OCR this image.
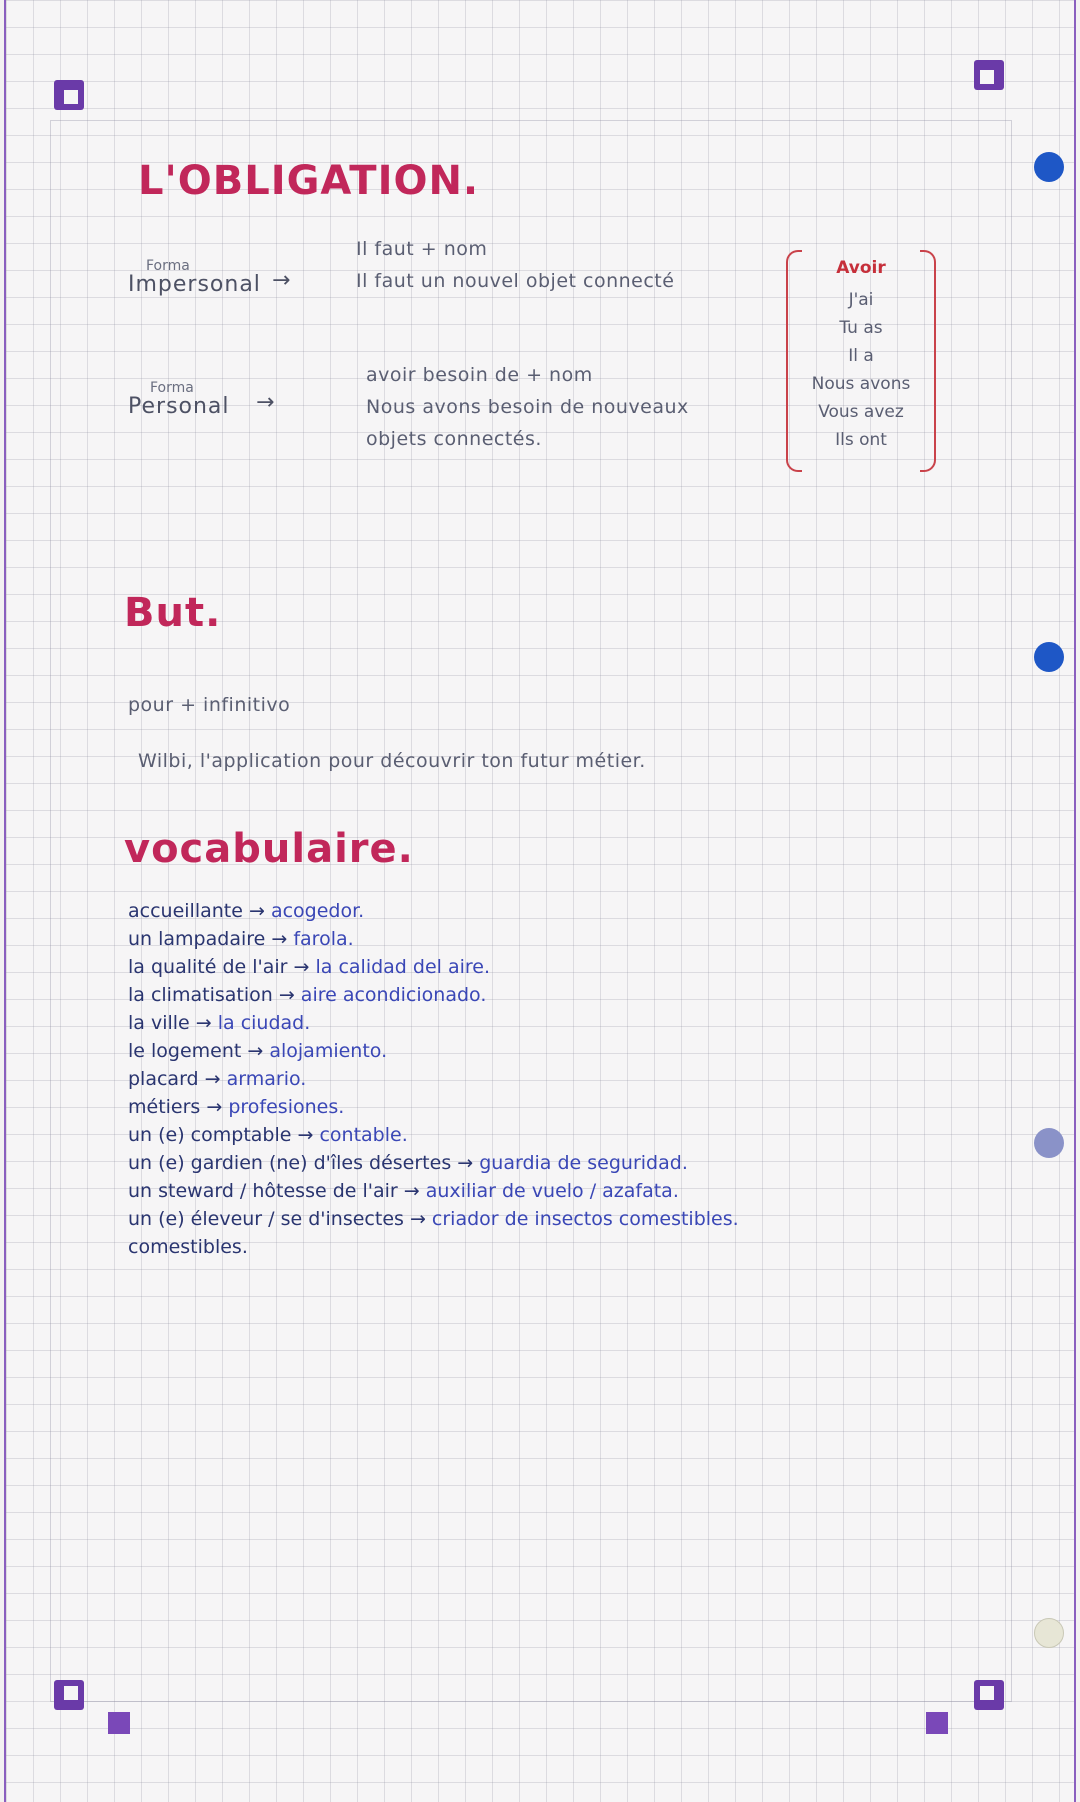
L'OBLIGATION.
Forma
Impersonal →
Il faut + nom
Il faut un nouvel objet connecté
Forma
Personal →
avoir besoin de + nom
Nous avons besoin de nouveaux
objets connectés.
Avoir
J'ai
Tu as
Il a
Nous avons
Vous avez
Ils ont
But.
pour + infinitivo
Wilbi, l'application pour découvrir ton futur métier.
vocabulaire.
accueillante → acogedor.
un lampadaire → farola.
la qualité de l'air → la calidad del aire.
la climatisation → aire acondicionado.
la ville → la ciudad.
le logement → alojamiento.
placard → armario.
métiers → profesiones.
un (e) comptable → contable.
un (e) gardien (ne) d'îles désertes → guardia de seguridad.
un steward / hôtesse de l'air → auxiliar de vuelo / azafata.
un (e) éleveur / se d'insectes → criador de insectos comestibles.
comestibles.
